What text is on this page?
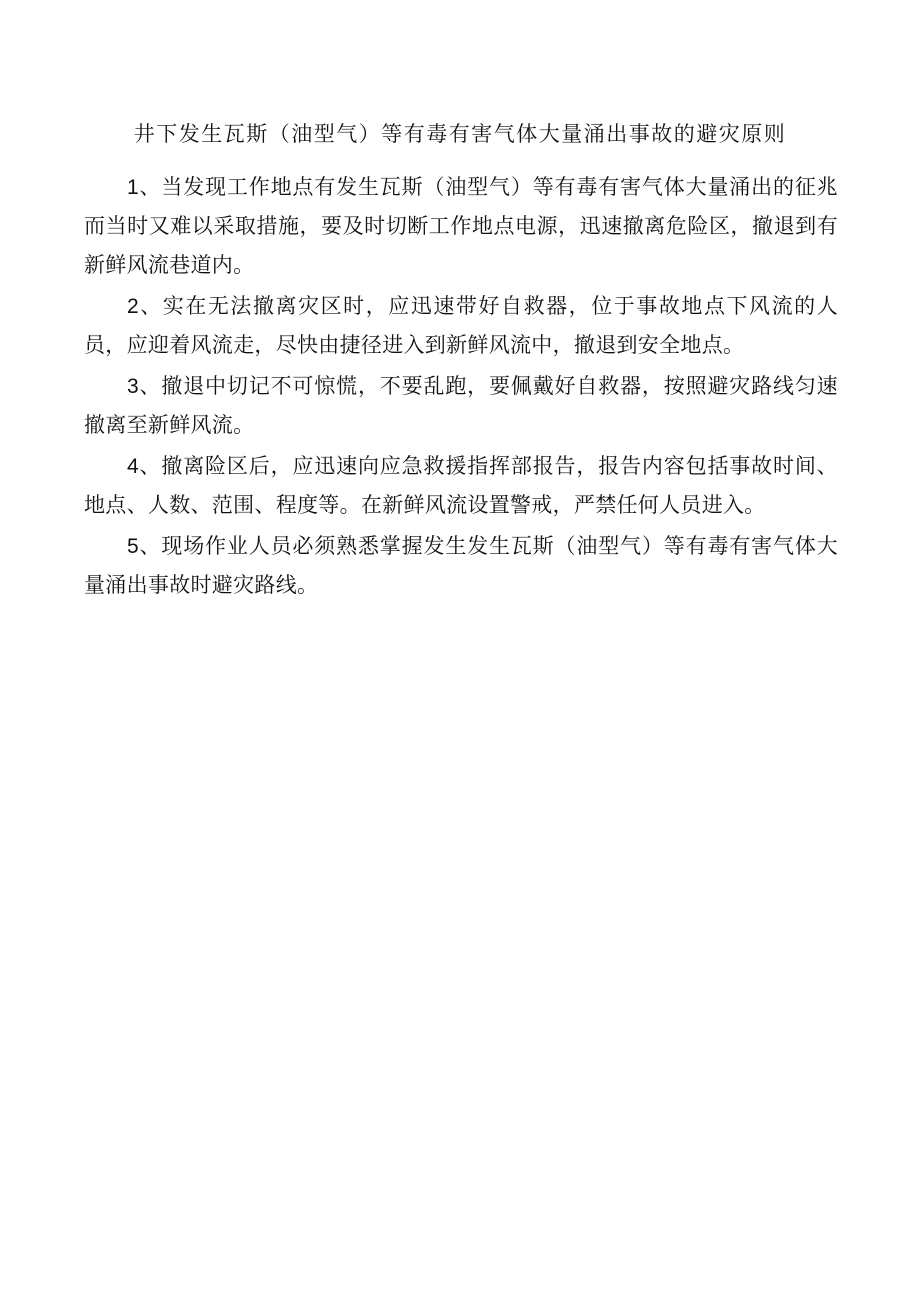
井下发生瓦斯（油型气）等有毒有害气体大量涌出事故的避灾原则

1、当发现工作地点有发生瓦斯（油型气）等有毒有害气体大量涌出的征兆而当时又难以采取措施，要及时切断工作地点电源，迅速撤离危险区，撤退到有新鲜风流巷道内。

2、实在无法撤离灾区时，应迅速带好自救器，位于事故地点下风流的人员，应迎着风流走，尽快由捷径进入到新鲜风流中，撤退到安全地点。

3、撤退中切记不可惊慌，不要乱跑，要佩戴好自救器，按照避灾路线匀速撤离至新鲜风流。

4、撤离险区后，应迅速向应急救援指挥部报告，报告内容包括事故时间、地点、人数、范围、程度等。在新鲜风流设置警戒，严禁任何人员进入。

5、现场作业人员必须熟悉掌握发生发生瓦斯（油型气）等有毒有害气体大量涌出事故时避灾路线。
